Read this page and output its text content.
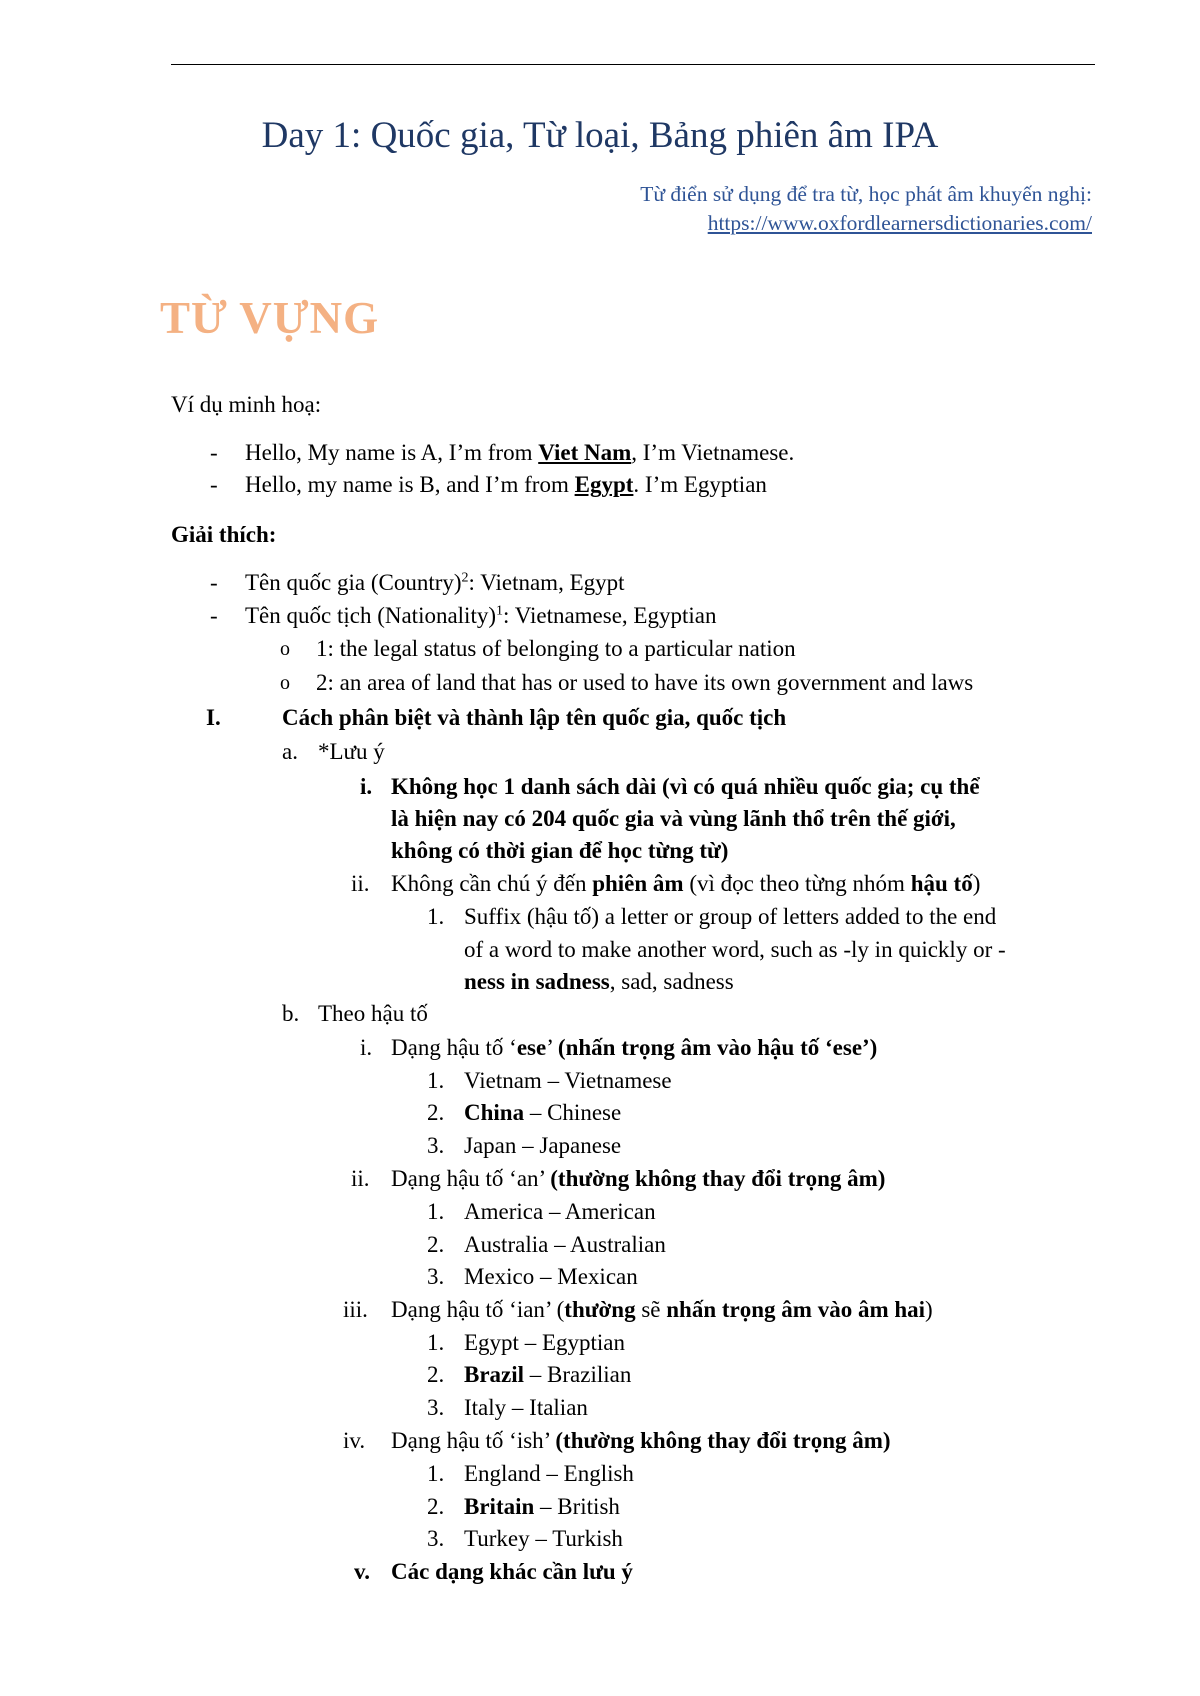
Day 1: Quốc gia, Từ loại, Bảng phiên âm IPA
Từ điển sử dụng để tra từ, học phát âm khuyến nghị:
https://www.oxfordlearnersdictionaries.com/
TỪ VỰNG
Ví dụ minh hoạ:
- Hello, My name is A, I’m from Viet Nam, I’m Vietnamese.
- Hello, my name is B, and I’m from Egypt. I’m Egyptian
Giải thích:
- Tên quốc gia (Country)$^2$: Vietnam, Egypt
- Tên quốc tịch (Nationality)$^1$: Vietnamese, Egyptian
o 1: the legal status of belonging to a particular nation
o 2: an area of land that has or used to have its own government and laws
I.	Cách phân biệt và thành lập tên quốc gia, quốc tịch
a. *Lưu ý
i. Không học 1 danh sách dài (vì có quá nhiều quốc gia; cụ thể
là hiện nay có 204 quốc gia và vùng lãnh thổ trên thế giới,
không có thời gian để học từng từ)
ii. Không cần chú ý đến phiên âm (vì đọc theo từng nhóm hậu tố)
1. Suffix (hậu tố) a letter or group of letters added to the end
of a word to make another word, such as -ly in quickly or -
ness in sadness, sad, sadness
b. Theo hậu tố
i. Dạng hậu tố ‘ese’ (nhấn trọng âm vào hậu tố ‘ese’)
1. Vietnam – Vietnamese
2. China – Chinese
3. Japan – Japanese
ii. Dạng hậu tố ‘an’ (thường không thay đổi trọng âm)
1. America – American
2. Australia – Australian
3. Mexico – Mexican
iii. Dạng hậu tố ‘ian’ (thường sẽ nhấn trọng âm vào âm hai)
1. Egypt – Egyptian
2. Brazil – Brazilian
3. Italy – Italian
iv. Dạng hậu tố ‘ish’ (thường không thay đổi trọng âm)
1. England – English
2. Britain – British
3. Turkey – Turkish
v. Các dạng khác cần lưu ý
